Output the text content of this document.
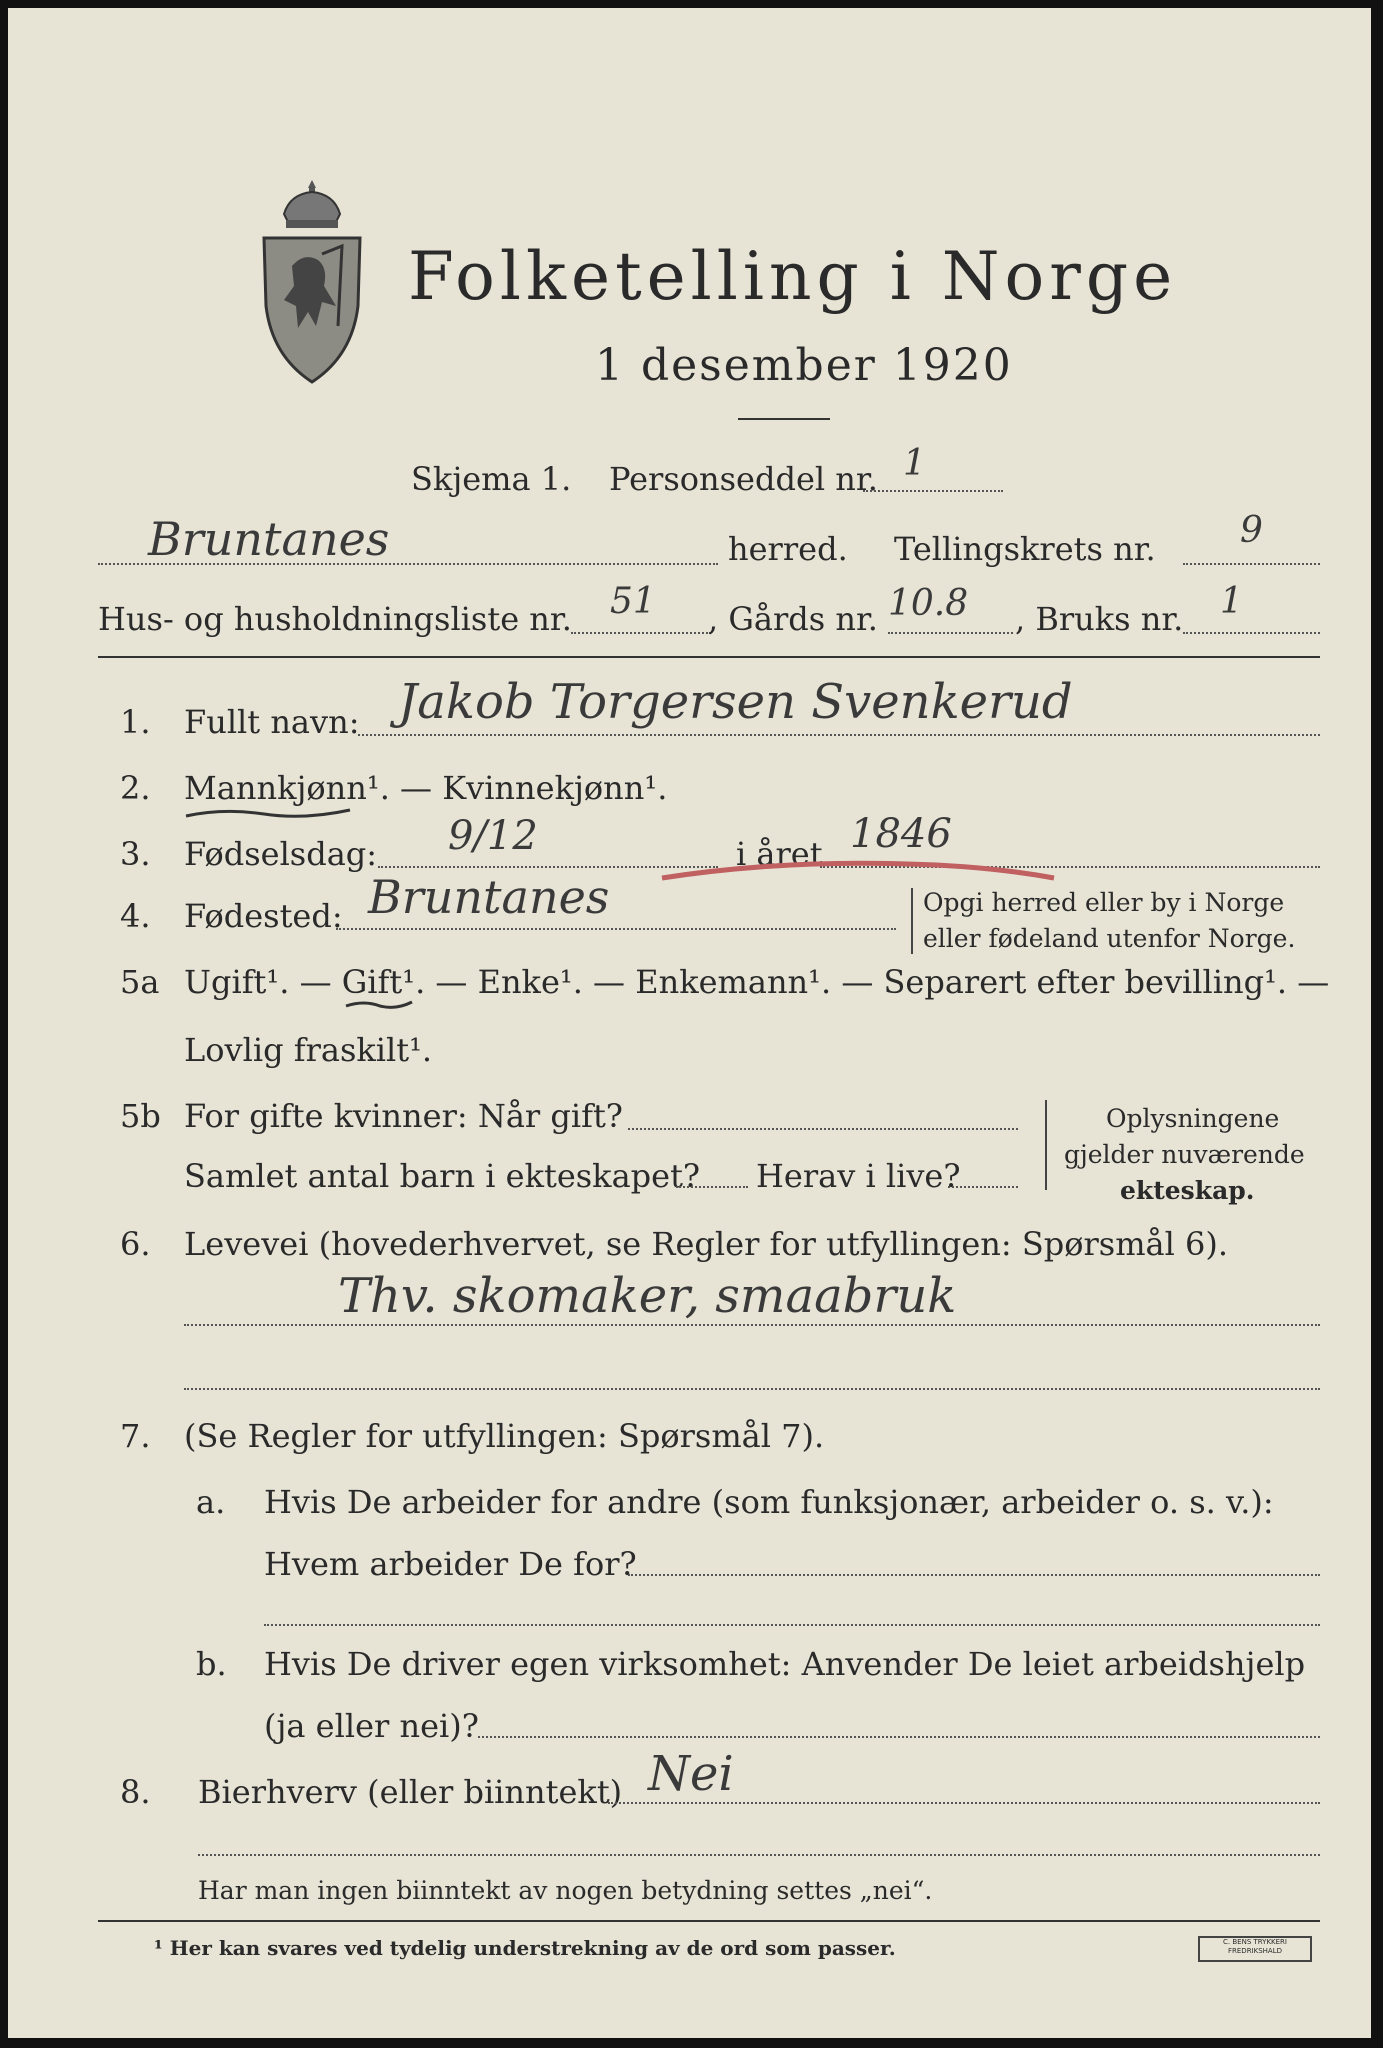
Folketelling i Norge
1 desember 1920
Skjema 1. Personseddel nr. 1
Bruntanes	herred. Tellingskrets nr. 9
Hus- og husholdningsliste nr. 51 , Gårds nr. 10.8 , Bruks nr. 1
1. Fullt navn: Jakob Torgersen Svenkerud
2. Mannkjønn¹. — Kvinnekjønn¹.
3. Fødselsdag: 9/12	i året 1846
4. Fødested: Bruntanes	Opgi herred eller by i Norge
eller fødeland utenfor Norge.
5a Ugift¹. — Gift¹. — Enke¹. — Enkemann¹. — Separert efter bevilling¹. —
Lovlig fraskilt¹.
5b For gifte kvinner: Når gift?
Samlet antal barn i ekteskapet? Herav i live?
Oplysningene
gjelder nuværende
ekteskap.
6. Levevei (hovederhvervet, se Regler for utfyllingen: Spørsmål 6).
Thv. skomaker, smaabruk
7. (Se Regler for utfyllingen: Spørsmål 7).
a. Hvis De arbeider for andre (som funksjonær, arbeider o. s. v.):
Hvem arbeider De for?
b. Hvis De driver egen virksomhet: Anvender De leiet arbeidshjelp
(ja eller nei)?
8. Bierhverv (eller biinntekt) Nei
Har man ingen biinntekt av nogen betydning settes „nei“.
¹ Her kan svares ved tydelig understrekning av de ord som passer.	C. BENS TRYKKERI FREDRIKSHALD
